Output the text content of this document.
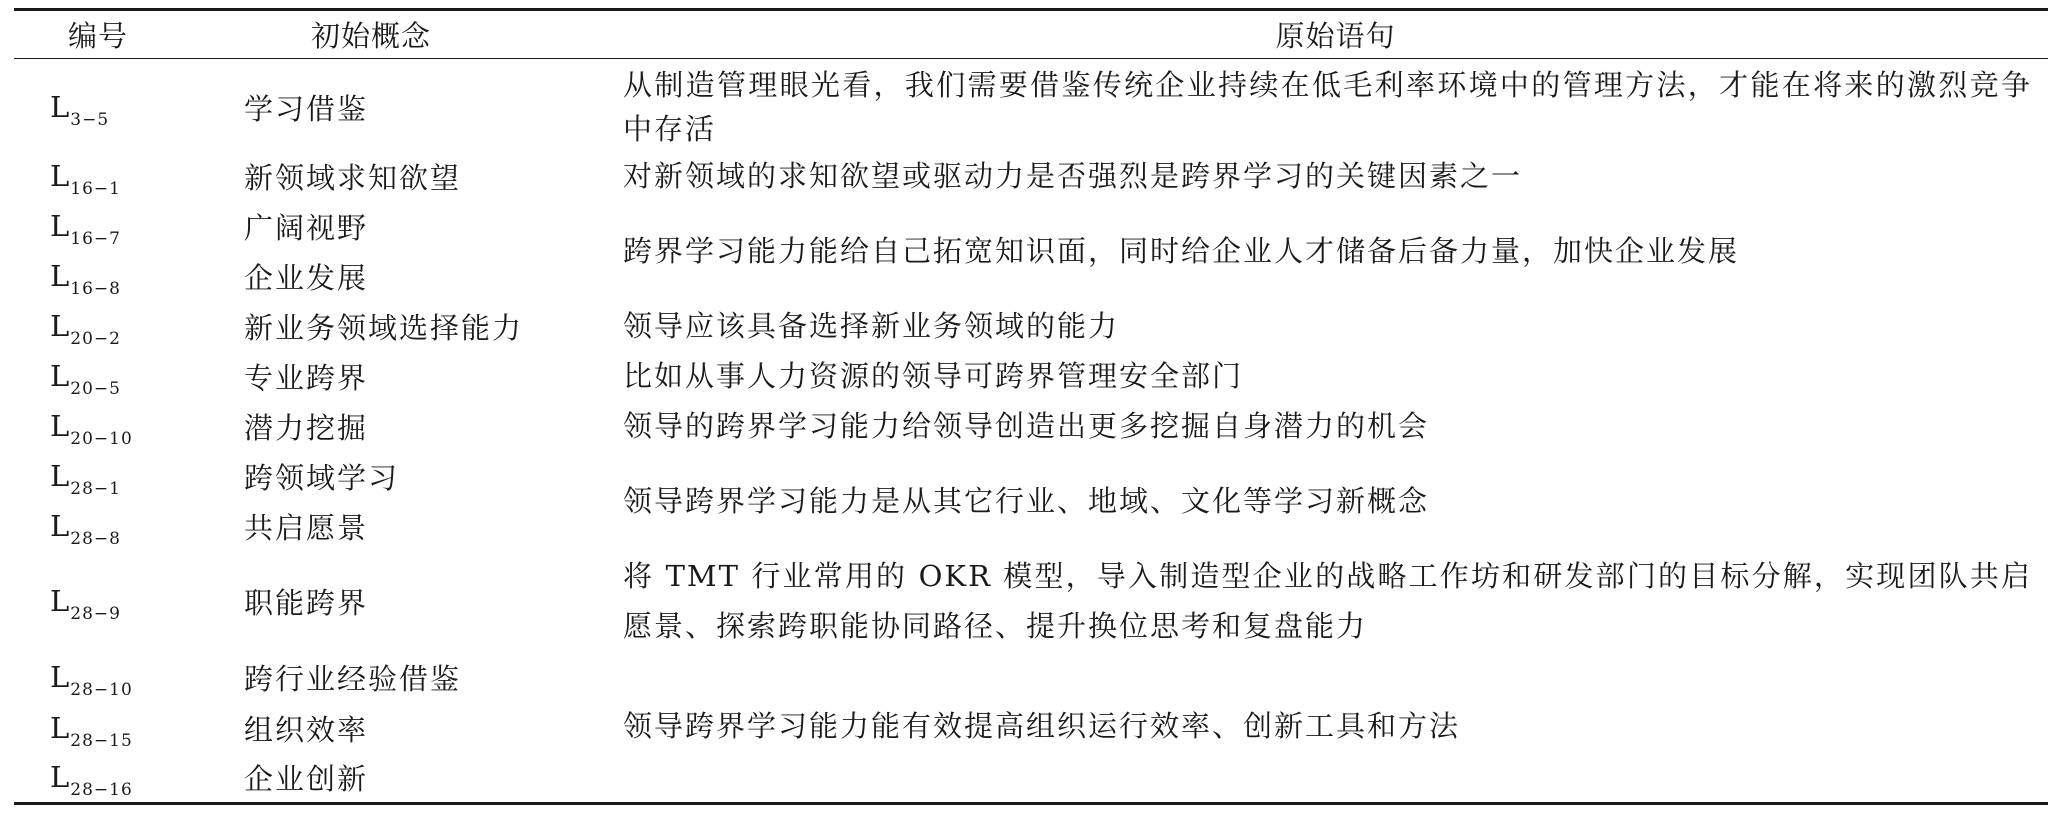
编号	初始概念	原始语句
$L_{3-5}$	学习借鉴	从制造管理眼光看，我们需要借鉴传统企业持续在低毛利率环境中的管理方法，才能在将来的激烈竞争中存活
$L_{16-1}$	新领域求知欲望	对新领域的求知欲望或驱动力是否强烈是跨界学习的关键因素之一
$L_{16-7}$	广阔视野	跨界学习能力能给自己拓宽知识面，同时给企业人才储备后备力量，加快企业发展
$L_{16-8}$	企业发展	
$L_{20-2}$	新业务领域选择能力	领导应该具备选择新业务领域的能力
$L_{20-5}$	专业跨界	比如从事人力资源的领导可跨界管理安全部门
$L_{20-10}$	潜力挖掘	领导的跨界学习能力给领导创造出更多挖掘自身潜力的机会
$L_{28-1}$	跨领域学习	领导跨界学习能力是从其它行业、地域、文化等学习新概念
$L_{28-8}$	共启愿景	
$L_{28-9}$	职能跨界	将 TMT 行业常用的 OKR 模型，导入制造型企业的战略工作坊和研发部门的目标分解，实现团队共启愿景、探索跨职能协同路径、提升换位思考和复盘能力
$L_{28-10}$	跨行业经验借鉴	领导跨界学习能力能有效提高组织运行效率、创新工具和方法
$L_{28-15}$	组织效率	
$L_{28-16}$	企业创新	
